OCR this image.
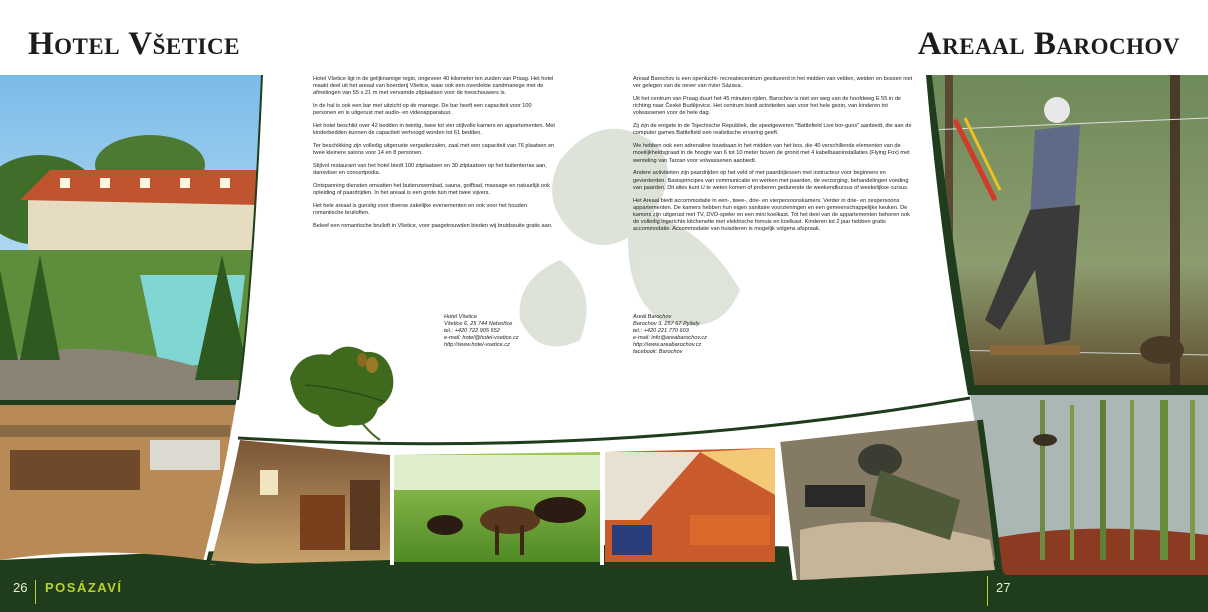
Hotel Všetice	Areaal Barochov

Hotel Všetice ligt in de gelijknamige regio, ongeveer 40 kilometer ten zuiden van Praag. Het hotel maakt deel uit het areaal van boerderij Všetice, waar ook een overdekte zandmanege met de afmetingen van 55 x 21 m met vervamde zitplaatsen voor de toeschouwers is.

In de hal is ook een bar met uitzicht op de manege. De bar heeft een capaciteit voor 100 personen en is uitgerust met audio- en videoapparatuur.

Het hotel beschikt over 42 bedden in twintig, twee tot vier stijlvolle kamers en appartementen. Met kinderbedden kunnen de capaciteit verhoogd worden tot 61 bedden.

Ter beschikking zijn volledig uitgeruste vergaderzalen, zaal met een capaciteit van 76 plaatsen en twee kleinere salons voor 14 en 8 personen.

Stijlvol restaurant van het hotel biedt 100 zitplaatsen en 30 zitplaatsen op het buitenterras aan, dansvloer en concertpodia.

Ontspanning diensten omvatten het buitenzwembad, sauna, golfbad, massage en natuurlijk ook opleiding of paardrijden. In het areaal is een grote tuin met twee vijvers.

Het hele areaal is gunstig voor diverse zakelijke evenementen en ook voor het houden romantische bruiloften.

Beleef een romantische bruiloft in Všetice, voor pasgetrouwden bieden wij bruidssuite gratis aan.

Hotel Všetice
Všetice 6, 25 744 Netvořice
tel.: +420 722 905 552
e-mail: hotel@hotel-vsetice.cz
http://www.hotel-vsetice.cz

Areaal Barochov is een openlucht- recreatiecentrum gesitueerd in het midden van velden, weiden en bossen niet ver gelegen van de oever van rivier Sázava.

Uit het centrum van Praag duurt het 45 minuten rijden. Barochov is niet ver weg van de hoofdweg E 55 in de richting naar České Budějovice. Het centrum biedt activiteiten aan voor het hele gezin, van kinderen tot volwassenen voor de hele dag.

Zij zijn de enigste in de Tsjechische Republiek, die speelgeweren "Battlefield Live bor-guns" aanbiedt, die aan de computer games Battlefield een realistische ervaring geeft.

We hebben ook een adrenaline touwbaan in het midden van het bos, die 40 verschillende elementen van de moeilijkheidsgraad in de hoogte van 6 tot 10 meter boven de grond met 4 kabelbaaninstallaties (Flying Fox) met wenteling van Tarzan voor volwassenen aanbiedt.

Andere activiteiten zijn paardrijden op het veld of met paardrijlessen met instructeur voor beginners en gevorderden. Basisprincipes van communicatie en werken met paarden, de verzorging, behandelingen voeding van paarden. Dit alles kunt U te weten komen of proberen gedurende de weekendkursus of weekelijkse cursus.

Het Areaal biedt accommodatie in een-, twee-, drie- en vierpersoonskamers. Verder in drie- en zespersoons appartementen. De kamers hebben hun eigen sanitaire voorzieningen en een gemeenschappelijke keuken. De kamers zijn uitgerust met TV, DVD-speler en een mini koelkast. Tot het deel van de appartementen behoren ook de volledig ingerichte kitchenette met elektrische fornuis en koelkast. Kinderen tot 2 jaar hebben gratis accommodatie. Accommodatie van huisdieren is mogelijk volgens afspraak.

Areál Barochov
Barochov 3, 257 67 Pyšely
tel.: +420 221 770 603
e-mail: info@areabarochov.cz
http://www.areabarochov.cz
facebook: Barochov
26 POSÁZAVÍ	27
